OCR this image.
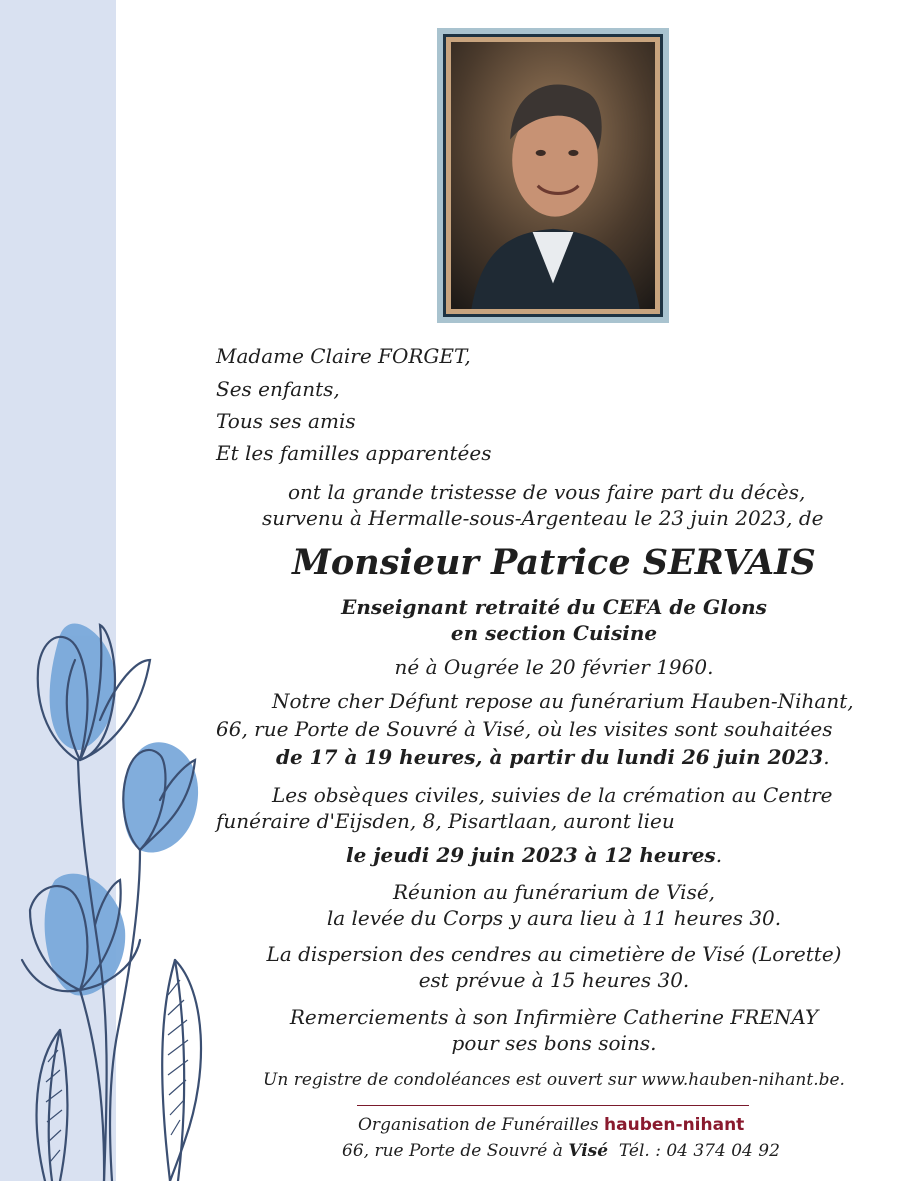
Madame Claire FORGET,
Ses enfants,
Tous ses amis
Et les familles apparentées
ont la grande tristesse de vous faire part du décès,
survenu à Hermalle-sous-Argenteau le 23 juin 2023, de
Monsieur Patrice SERVAIS
Enseignant retraité du CEFA de Glons
en section Cuisine
né à Ougrée le 20 février 1960.
Notre cher Défunt repose au funérarium Hauben-Nihant,
66, rue Porte de Souvré à Visé, où les visites sont souhaitées
de 17 à 19 heures, à partir du lundi 26 juin 2023.
Les obsèques civiles, suivies de la crémation au Centre
funéraire d'Eijsden, 8, Pisartlaan, auront lieu
le jeudi 29 juin 2023 à 12 heures.
Réunion au funérarium de Visé,
la levée du Corps y aura lieu à 11 heures 30.
La dispersion des cendres au cimetière de Visé (Lorette)
est prévue à 15 heures 30.
Remerciements à son Infirmière Catherine FRENAY
pour ses bons soins.
Un registre de condoléances est ouvert sur www.hauben-nihant.be.
Organisation de Funérailles hauben-nihant
66, rue Porte de Souvré à Visé Tél. : 04 374 04 92
